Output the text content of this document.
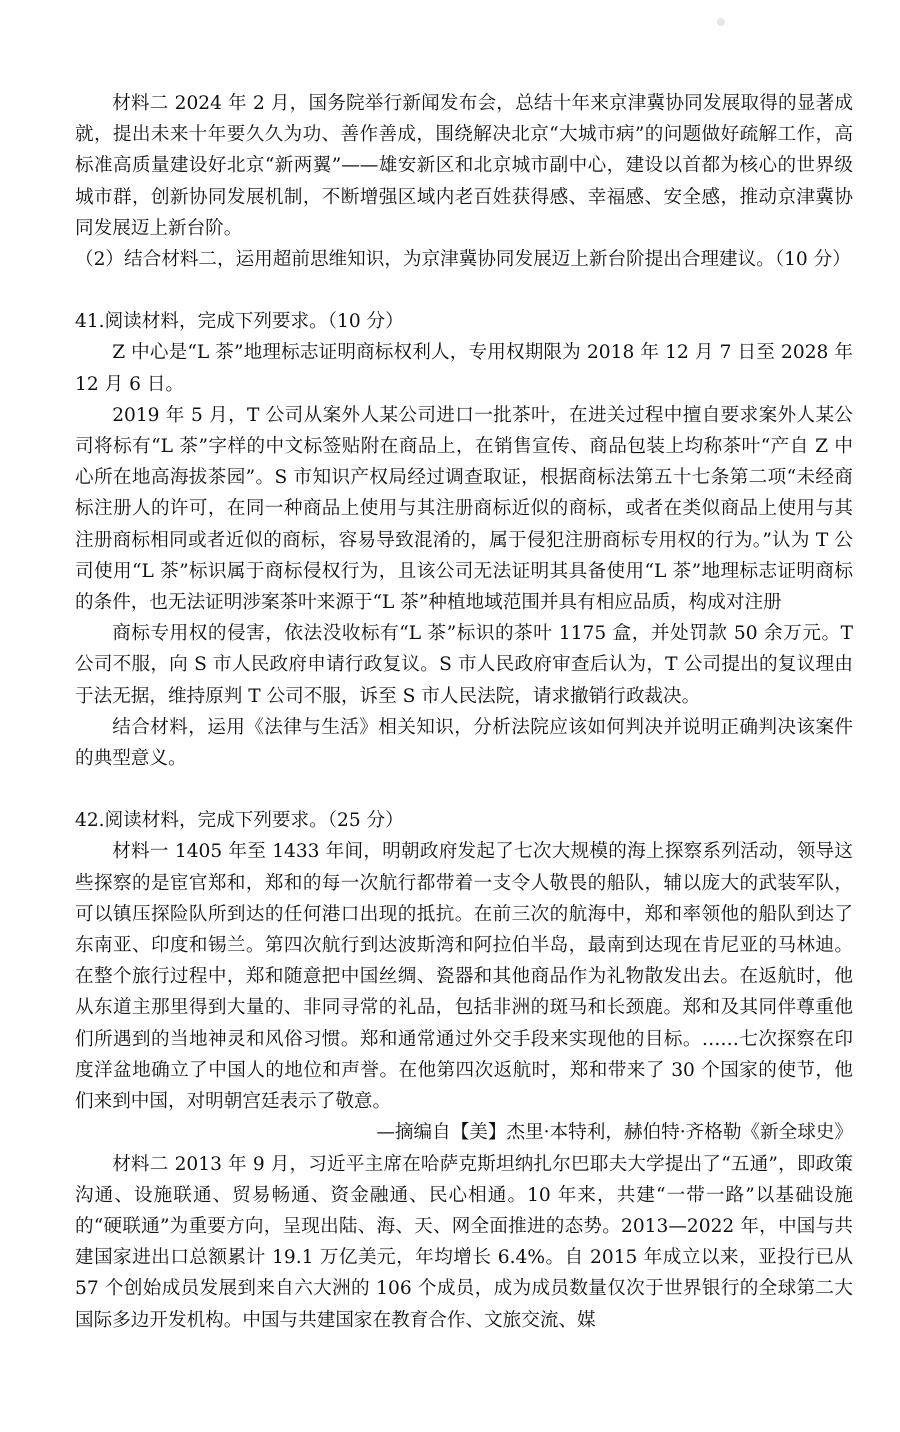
材料二 2024 年 2 月，国务院举行新闻发布会，总结十年来京津冀协同发展取得的显著成就，提出未来十年要久久为功、善作善成，围绕解决北京“大城市病”的问题做好疏解工作，高标准高质量建设好北京“新两翼”——雄安新区和北京城市副中心，建设以首都为核心的世界级城市群，创新协同发展机制，不断增强区域内老百姓获得感、幸福感、安全感，推动京津冀协同发展迈上新台阶。

（2）结合材料二，运用超前思维知识，为京津冀协同发展迈上新台阶提出合理建议。（10 分）

41.阅读材料，完成下列要求。（10 分）

Z 中心是“L 茶”地理标志证明商标权利人，专用权期限为 2018 年 12 月 7 日至 2028 年 12 月 6 日。

2019 年 5 月，T 公司从案外人某公司进口一批茶叶，在进关过程中擅自要求案外人某公司将标有“L 茶”字样的中文标签贴附在商品上，在销售宣传、商品包装上均称茶叶“产自 Z 中心所在地高海拔茶园”。S 市知识产权局经过调查取证，根据商标法第五十七条第二项“未经商标注册人的许可，在同一种商品上使用与其注册商标近似的商标，或者在类似商品上使用与其注册商标相同或者近似的商标，容易导致混淆的，属于侵犯注册商标专用权的行为。”认为 T 公司使用“L 茶”标识属于商标侵权行为，且该公司无法证明其具备使用“L 茶”地理标志证明商标的条件，也无法证明涉案茶叶来源于“L 茶”种植地域范围并具有相应品质，构成对注册

商标专用权的侵害，依法没收标有“L 茶”标识的茶叶 1175 盒，并处罚款 50 余万元。T 公司不服，向 S 市人民政府申请行政复议。S 市人民政府审查后认为，T 公司提出的复议理由于法无据，维持原判 T 公司不服，诉至 S 市人民法院，请求撤销行政裁决。

结合材料，运用《法律与生活》相关知识，分析法院应该如何判决并说明正确判决该案件的典型意义。

42.阅读材料，完成下列要求。（25 分）

材料一 1405 年至 1433 年间，明朝政府发起了七次大规模的海上探察系列活动，领导这些探察的是宦官郑和，郑和的每一次航行都带着一支令人敬畏的船队，辅以庞大的武装军队，可以镇压探险队所到达的任何港口出现的抵抗。在前三次的航海中，郑和率领他的船队到达了东南亚、印度和锡兰。第四次航行到达波斯湾和阿拉伯半岛，最南到达现在肯尼亚的马林迪。在整个旅行过程中，郑和随意把中国丝绸、瓷器和其他商品作为礼物散发出去。在返航时，他从东道主那里得到大量的、非同寻常的礼品，包括非洲的斑马和长颈鹿。郑和及其同伴尊重他们所遇到的当地神灵和风俗习惯。郑和通常通过外交手段来实现他的目标。……七次探察在印度洋盆地确立了中国人的地位和声誉。在他第四次返航时，郑和带来了 30 个国家的使节，他们来到中国，对明朝宫廷表示了敬意。

—摘编自【美】杰里·本特利，赫伯特·齐格勒《新全球史》

材料二 2013 年 9 月，习近平主席在哈萨克斯坦纳扎尔巴耶夫大学提出了“五通”，即政策沟通、设施联通、贸易畅通、资金融通、民心相通。10 年来，共建“一带一路”以基础设施的“硬联通”为重要方向，呈现出陆、海、天、网全面推进的态势。2013—2022 年，中国与共建国家进出口总额累计 19.1 万亿美元，年均增长 6.4%。自 2015 年成立以来，亚投行已从 57 个创始成员发展到来自六大洲的 106 个成员，成为成员数量仅次于世界银行的全球第二大国际多边开发机构。中国与共建国家在教育合作、文旅交流、媒
